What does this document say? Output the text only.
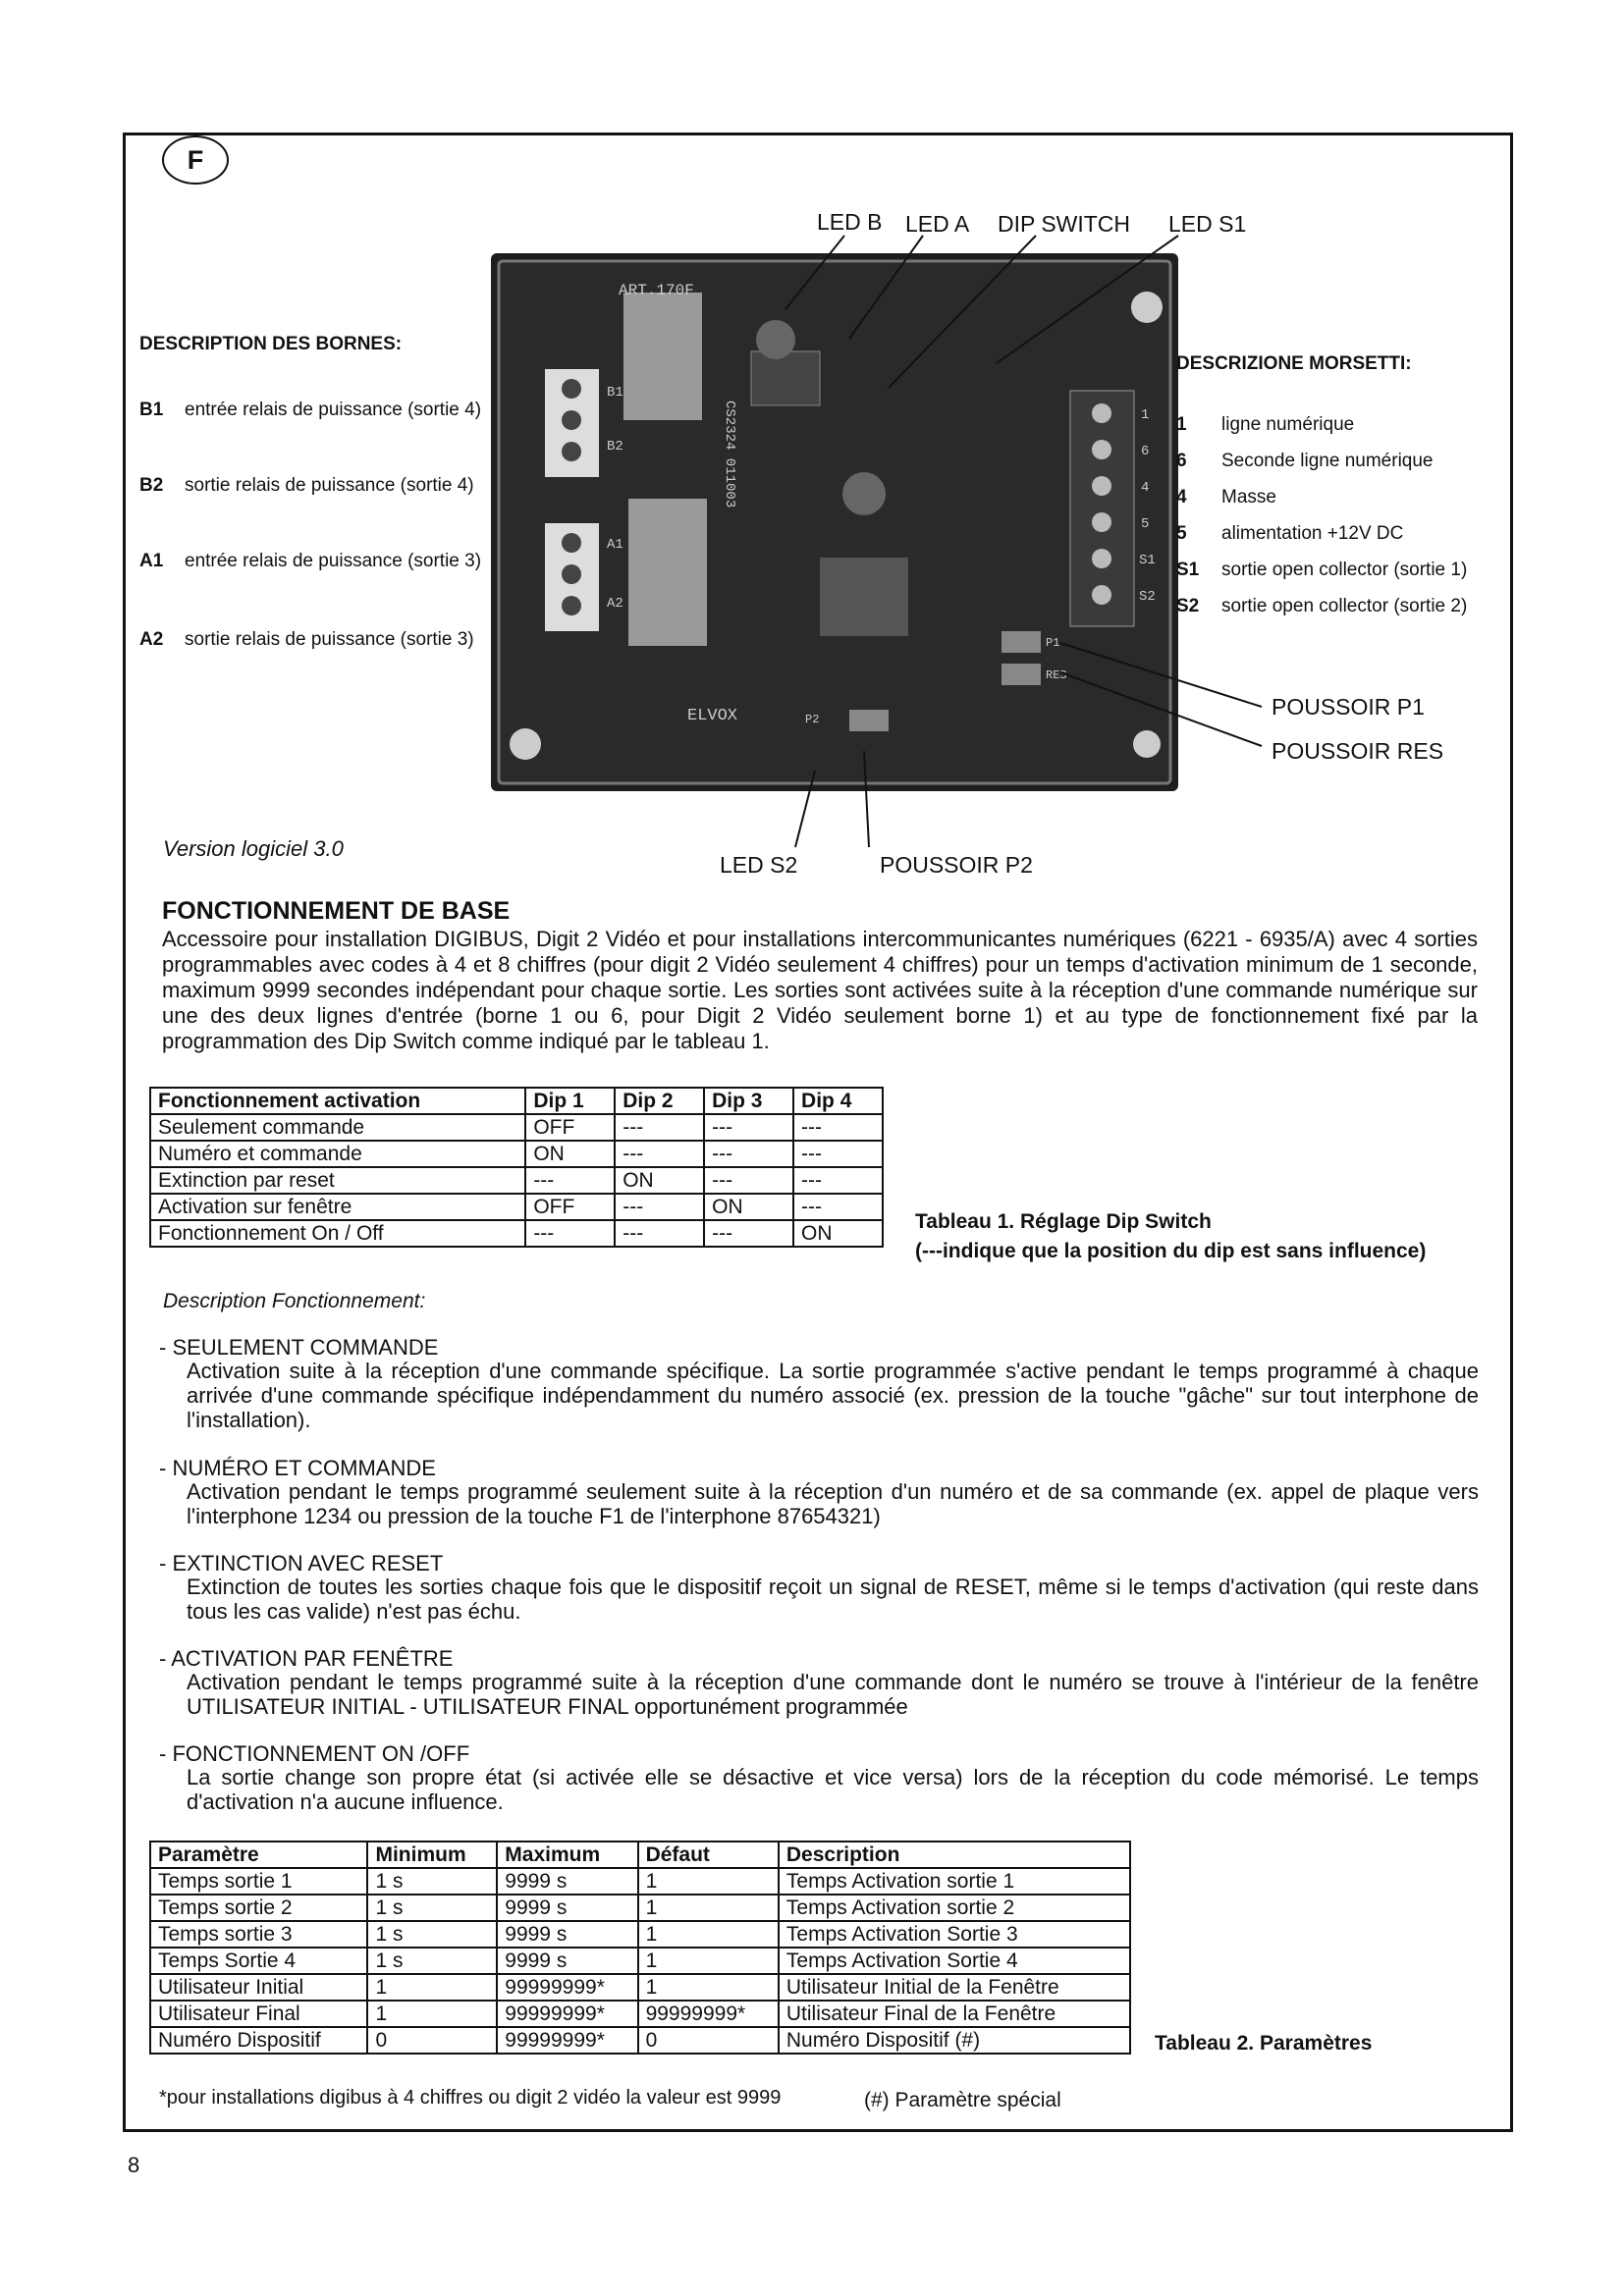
F
ART.170F
ELVOX
CS2324 011003
B1
B2
A1
A2
1
6
4
5
S1
S2
P1
RES
P2
LED B LED A DIP SWITCH LED S1
POUSSOIR P1
POUSSOIR RES
LED S2	POUSSOIR P2
DESCRIPTION DES BORNES:
B1 entrée relais de puissance (sortie 4)
B2 sortie relais de puissance (sortie 4)
A1 entrée relais de puissance (sortie 3)
A2 sortie relais de puissance (sortie 3)
DESCRIZIONE MORSETTI:
1 ligne numérique
6 Seconde ligne numérique
4 Masse
5 alimentation +12V DC
S1 sortie open collector (sortie 1)
S2 sortie open collector (sortie 2)
Version logiciel 3.0
FONCTIONNEMENT DE BASE
Accessoire pour installation DIGIBUS, Digit 2 Vidéo et pour installations intercommunicantes numériques (6221 - 6935/A) avec 4 sorties programmables avec codes à 4 et 8 chiffres (pour digit 2 Vidéo seulement 4 chiffres) pour un temps d'activation minimum de 1 seconde, maximum 9999 secondes indépendant pour chaque sortie. Les sorties sont activées suite à la réception d'une commande numérique sur une des deux lignes d'entrée (borne 1 ou 6, pour Digit 2 Vidéo seulement borne 1) et au type de fonctionnement fixé par la programmation des Dip Switch comme indiqué par le tableau 1.
Fonctionnement activation	Dip 1	Dip 2	Dip 3	Dip 4
Seulement commande	OFF	---	---	---
Numéro et commande	ON	---	---	---
Extinction par reset	---	ON	---	---
Activation sur fenêtre	OFF	---	ON	---
Fonctionnement On / Off	---	---	---	ON
Tableau 1. Réglage Dip Switch
(---indique que la position du dip est sans influence)
Description Fonctionnement:
- SEULEMENT COMMANDE
Activation suite à la réception d'une commande spécifique. La sortie programmée s'active pendant le temps programmé à chaque arrivée d'une commande spécifique indépendamment du numéro associé (ex. pression de la touche "gâche" sur tout interphone de l'installation).
- NUMÉRO ET COMMANDE
Activation pendant le temps programmé seulement suite à la réception d'un numéro et de sa commande (ex. appel de plaque vers l'interphone 1234 ou pression de la touche F1 de l'interphone 87654321)
- EXTINCTION AVEC RESET
Extinction de toutes les sorties chaque fois que le dispositif reçoit un signal de RESET, même si le temps d'activation (qui reste dans tous les cas valide) n'est pas échu.
- ACTIVATION PAR FENÊTRE
Activation pendant le temps programmé suite à la réception d'une commande dont le numéro se trouve à l'intérieur de la fenêtre UTILISATEUR INITIAL - UTILISATEUR FINAL opportunément programmée
- FONCTIONNEMENT ON /OFF
La sortie change son propre état (si activée elle se désactive et vice versa) lors de la réception du code mémorisé. Le temps d'activation n'a aucune influence.
Paramètre	Minimum	Maximum	Défaut	Description
Temps sortie 1	1 s	9999 s	1	Temps Activation sortie 1
Temps sortie 2	1 s	9999 s	1	Temps Activation sortie 2
Temps sortie 3	1 s	9999 s	1	Temps Activation Sortie 3
Temps Sortie 4	1 s	9999 s	1	Temps Activation Sortie 4
Utilisateur Initial	1	99999999*	1	Utilisateur Initial de la Fenêtre
Utilisateur Final	1	99999999*	99999999*	Utilisateur Final de la Fenêtre
Numéro Dispositif	0	99999999*	0	Numéro Dispositif (#)	Tableau 2. Paramètres
*pour installations digibus à 4 chiffres ou digit 2 vidéo la valeur est 9999	(#) Paramètre spécial
8
